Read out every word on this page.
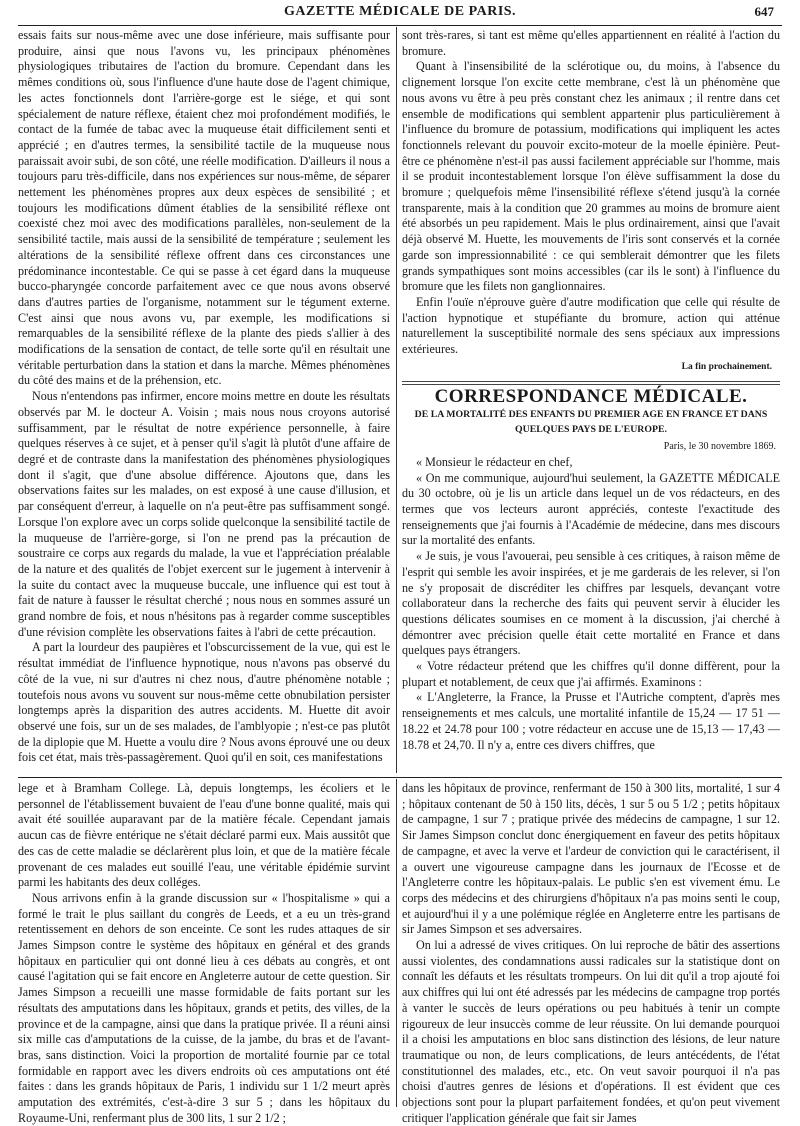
GAZETTE MÉDICALE DE PARIS.	647

essais faits sur nous-même avec une dose inférieure, mais suffisante pour produire, ainsi que nous l'avons vu, les principaux phénomènes physiologiques tributaires de l'action du bromure. Cependant dans les mêmes conditions où, sous l'influence d'une haute dose de l'agent chimique, les actes fonctionnels dont l'arrière-gorge est le siége, et qui sont spécialement de nature réflexe, étaient chez moi profondément modifiés, le contact de la fumée de tabac avec la muqueuse était difficilement senti et apprécié ; en d'autres termes, la sensibilité tactile de la muqueuse nous paraissait avoir subi, de son côté, une réelle modification. D'ailleurs il nous a toujours paru très-difficile, dans nos expériences sur nous-même, de séparer nettement les phénomènes propres aux deux espèces de sensibilité ; et toujours les modifications dûment établies de la sensibilité réflexe ont coexisté chez moi avec des modifications parallèles, non-seulement de la sensibilité tactile, mais aussi de la sensibilité de température ; seulement les altérations de la sensibilité réflexe offrent dans ces circonstances une prédominance incontestable. Ce qui se passe à cet égard dans la muqueuse bucco-pharyngée concorde parfaitement avec ce que nous avons observé dans d'autres parties de l'organisme, notamment sur le tégument externe. C'est ainsi que nous avons vu, par exemple, les modifications si remarquables de la sensibilité réflexe de la plante des pieds s'allier à des modifications de la sensation de contact, de telle sorte qu'il en résultait une véritable perturbation dans la station et dans la marche. Mêmes phénomènes du côté des mains et de la préhension, etc.

Nous n'entendons pas infirmer, encore moins mettre en doute les résultats observés par M. le docteur A. Voisin ; mais nous nous croyons autorisé suffisamment, par le résultat de notre expérience personnelle, à faire quelques réserves à ce sujet, et à penser qu'il s'agit là plutôt d'une affaire de degré et de contraste dans la manifestation des phénomènes physiologiques dont il s'agit, que d'une absolue différence. Ajoutons que, dans les observations faites sur les malades, on est exposé à une cause d'illusion, et par conséquent d'erreur, à laquelle on n'a peut-être pas suffisamment songé. Lorsque l'on explore avec un corps solide quelconque la sensibilité tactile de la muqueuse de l'arrière-gorge, si l'on ne prend pas la précaution de soustraire ce corps aux regards du malade, la vue et l'appréciation préalable de la nature et des qualités de l'objet exercent sur le jugement à intervenir à la suite du contact avec la muqueuse buccale, une influence qui est tout à fait de nature à fausser le résultat cherché ; nous nous en sommes assuré un grand nombre de fois, et nous n'hésitons pas à regarder comme susceptibles d'une révision complète les observations faites à l'abri de cette précaution.

A part la lourdeur des paupières et l'obscurcissement de la vue, qui est le résultat immédiat de l'influence hypnotique, nous n'avons pas observé du côté de la vue, ni sur d'autres ni chez nous, d'autre phénomène notable ; toutefois nous avons vu souvent sur nous-même cette obnubilation persister longtemps après la disparition des autres accidents. M. Huette dit avoir observé une fois, sur un de ses malades, de l'amblyopie ; n'est-ce pas plutôt de la diplopie que M. Huette a voulu dire ? Nous avons éprouvé une ou deux fois cet état, mais très-passagèrement. Quoi qu'il en soit, ces manifestations

sont très-rares, si tant est même qu'elles appartiennent en réalité à l'action du bromure.

Quant à l'insensibilité de la sclérotique ou, du moins, à l'absence du clignement lorsque l'on excite cette membrane, c'est là un phénomène que nous avons vu être à peu près constant chez les animaux ; il rentre dans cet ensemble de modifications qui semblent appartenir plus particulièrement à l'influence du bromure de potassium, modifications qui impliquent les actes fonctionnels relevant du pouvoir excito-moteur de la moelle épinière. Peut-être ce phénomène n'est-il pas aussi facilement appréciable sur l'homme, mais il se produit incontestablement lorsque l'on élève suffisamment la dose du bromure ; quelquefois même l'insensibilité réflexe s'étend jusqu'à la cornée transparente, mais à la condition que 20 grammes au moins de bromure aient été absorbés un peu rapidement. Mais le plus ordinairement, ainsi que l'avait déjà observé M. Huette, les mouvements de l'iris sont conservés et la cornée garde son impressionnabilité : ce qui semblerait démontrer que les filets grands sympathiques sont moins accessibles (car ils le sont) à l'influence du bromure que les filets non ganglionnaires.

Enfin l'ouïe n'éprouve guère d'autre modification que celle qui résulte de l'action hypnotique et stupéfiante du bromure, action qui atténue naturellement la susceptibilité normale des sens spéciaux aux impressions extérieures.

La fin prochainement.

CORRESPONDANCE MÉDICALE.

DE LA MORTALITÉ DES ENFANTS DU PREMIER AGE EN FRANCE ET DANS QUELQUES PAYS DE L'EUROPE.

Paris, le 30 novembre 1869.

« Monsieur le rédacteur en chef,

« On me communique, aujourd'hui seulement, la GAZETTE MÉDICALE du 30 octobre, où je lis un article dans lequel un de vos rédacteurs, en des termes que vos lecteurs auront appréciés, conteste l'exactitude des renseignements que j'ai fournis à l'Académie de médecine, dans mes discours sur la mortalité des enfants.

« Je suis, je vous l'avouerai, peu sensible à ces critiques, à raison même de l'esprit qui semble les avoir inspirées, et je me garderais de les relever, si l'on ne s'y proposait de discréditer les chiffres par lesquels, devançant votre collaborateur dans la recherche des faits qui peuvent servir à élucider les questions délicates soumises en ce moment à la discussion, j'ai cherché à démontrer avec précision quelle était cette mortalité en France et dans quelques pays étrangers.

« Votre rédacteur prétend que les chiffres qu'il donne diffèrent, pour la plupart et notablement, de ceux que j'ai affirmés. Examinons :

« L'Angleterre, la France, la Prusse et l'Autriche comptent, d'après mes renseignements et mes calculs, une mortalité infantile de 15,24 — 17 51 — 18.22 et 24.78 pour 100 ; votre rédacteur en accuse une de 15,13 — 17,43 — 18.78 et 24,70. Il n'y a, entre ces divers chiffres, que

lege et à Bramham College. Là, depuis longtemps, les écoliers et le personnel de l'établissement buvaient de l'eau d'une bonne qualité, mais qui avait été souillée auparavant par de la matière fécale. Cependant jamais aucun cas de fièvre entérique ne s'était déclaré parmi eux. Mais aussitôt que des cas de cette maladie se déclarèrent plus loin, et que de la matière fécale provenant de ces malades eut souillé l'eau, une véritable épidémie survint parmi les habitants des deux colléges.

Nous arrivons enfin à la grande discussion sur « l'hospitalisme » qui a formé le trait le plus saillant du congrès de Leeds, et a eu un très-grand retentissement en dehors de son enceinte. Ce sont les rudes attaques de sir James Simpson contre le système des hôpitaux en général et des grands hôpitaux en particulier qui ont donné lieu à ces débats au congrès, et ont causé l'agitation qui se fait encore en Angleterre autour de cette question. Sir James Simpson a recueilli une masse formidable de faits portant sur les résultats des amputations dans les hôpitaux, grands et petits, des villes, de la province et de la campagne, ainsi que dans la pratique privée. Il a réuni ainsi six mille cas d'amputations de la cuisse, de la jambe, du bras et de l'avant-bras, sans distinction. Voici la proportion de mortalité fournie par ce total formidable en rapport avec les divers endroits où ces amputations ont été faites : dans les grands hôpitaux de Paris, 1 individu sur 1 1/2 meurt après amputation des extrémités, c'est-à-dire 3 sur 5 ; dans les hôpitaux du Royaume-Uni, renfermant plus de 300 lits, 1 sur 2 1/2 ;

dans les hôpitaux de province, renfermant de 150 à 300 lits, mortalité, 1 sur 4 ; hôpitaux contenant de 50 à 150 lits, décès, 1 sur 5 ou 5 1/2 ; petits hôpitaux de campagne, 1 sur 7 ; pratique privée des médecins de campagne, 1 sur 12. Sir James Simpson conclut donc énergiquement en faveur des petits hôpitaux de campagne, et avec la verve et l'ardeur de conviction qui le caractérisent, il a ouvert une vigoureuse campagne dans les journaux de l'Ecosse et de l'Angleterre contre les hôpitaux-palais. Le public s'en est vivement ému. Le corps des médecins et des chirurgiens d'hôpitaux n'a pas moins senti le coup, et aujourd'hui il y a une polémique réglée en Angleterre entre les partisans de sir James Simpson et ses adversaires.

On lui a adressé de vives critiques. On lui reproche de bâtir des assertions aussi violentes, des condamnations aussi radicales sur la statistique dont on connaît les défauts et les résultats trompeurs. On lui dit qu'il a trop ajouté foi aux chiffres qui lui ont été adressés par les médecins de campagne trop portés à vanter le succès de leurs opérations ou peu habitués à tenir un compte rigoureux de leur insuccès comme de leur réussite. On lui demande pourquoi il a choisi les amputations en bloc sans distinction des lésions, de leur nature traumatique ou non, de leurs complications, de leurs antécédents, de l'état constitutionnel des malades, etc., etc. On veut savoir pourquoi il n'a pas choisi d'autres genres de lésions et d'opérations. Il est évident que ces objections sont pour la plupart parfaitement fondées, et qu'on peut vivement critiquer l'application générale que fait sir James
